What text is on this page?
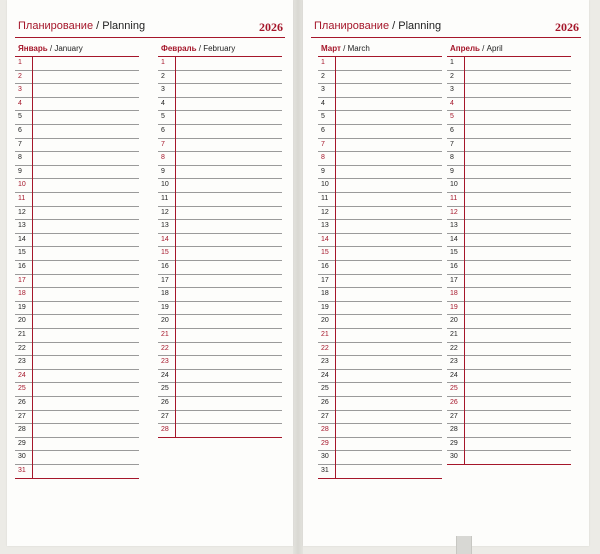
Планирование / Planning	2026
Январь / January
1
2
3
4
5
6
7
8
9
10
11
12
13
14
15
16
17
18
19
20
21
22
23
24
25
26
27
28
29
30
31
Февраль / February
1
2
3
4
5
6
7
8
9
10
11
12
13
14
15
16
17
18
19
20
21
22
23
24
25
26
27
28
Планирование / Planning	2026
Март / March
1
2
3
4
5
6
7
8
9
10
11
12
13
14
15
16
17
18
19
20
21
22
23
24
25
26
27
28
29
30
31
Апрель / April
1
2
3
4
5
6
7
8
9
10
11
12
13
14
15
16
17
18
19
20
21
22
23
24
25
26
27
28
29
30
